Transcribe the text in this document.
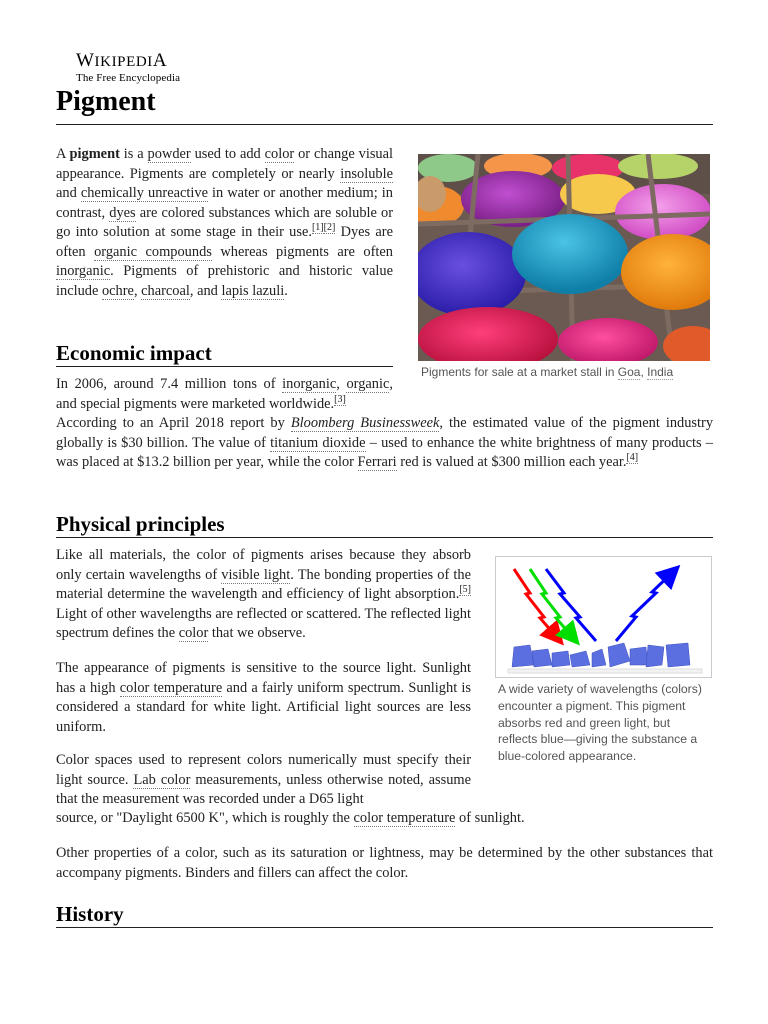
WIKIPEDIA
The Free Encyclopedia
Pigment

A pigment is a powder used to add color or change visual appearance. Pigments are completely or nearly insoluble and chemically unreactive in water or another medium; in contrast, dyes are colored substances which are soluble or go into solution at some stage in their use.[1][2] Dyes are often organic compounds whereas pigments are often inorganic. Pigments of prehistoric and historic value include ochre, charcoal, and lapis lazuli.

Pigments for sale at a market stall in Goa, India

Economic impact

In 2006, around 7.4 million tons of inorganic, organic, and special pigments were marketed worldwide.[3]

According to an April 2018 report by Bloomberg Businessweek, the estimated value of the pigment industry globally is $30 billion. The value of titanium dioxide – used to enhance the white brightness of many products – was placed at $13.2 billion per year, while the color Ferrari red is valued at $300 million each year.[4]

Physical principles

Like all materials, the color of pigments arises because they absorb only certain wavelengths of visible light. The bonding properties of the material determine the wavelength and efficiency of light absorption.[5] Light of other wavelengths are reflected or scattered. The reflected light spectrum defines the color that we observe.

The appearance of pigments is sensitive to the source light. Sunlight has a high color temperature and a fairly uniform spectrum. Sunlight is considered a standard for white light. Artificial light sources are less uniform.

Color spaces used to represent colors numerically must specify their light source. Lab color measurements, unless otherwise noted, assume that the measurement was recorded under a D65 light

source, or "Daylight 6500 K", which is roughly the color temperature of sunlight.

Other properties of a color, such as its saturation or lightness, may be determined by the other substances that accompany pigments. Binders and fillers can affect the color.

A wide variety of wavelengths (colors) encounter a pigment. This pigment absorbs red and green light, but reflects blue—giving the substance a blue-colored appearance.

History
